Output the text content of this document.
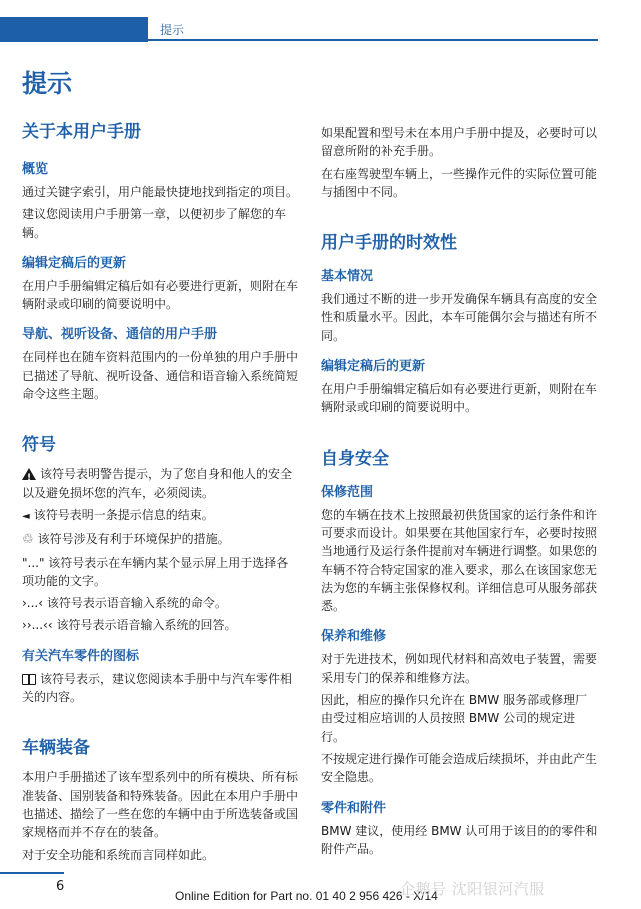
提示
提示
关于本用户手册
概览

通过关键字索引，用户能最快捷地找到指定的项目。

建议您阅读用户手册第一章，以便初步了解您的车辆。

编辑定稿后的更新

在用户手册编辑定稿后如有必要进行更新，则附在车辆附录或印刷的简要说明中。

导航、视听设备、通信的用户手册

在同样也在随车资料范围内的一份单独的用户手册中已描述了导航、视听设备、通信和语音输入系统简短命令这些主题。

符号

!该符号表明警告提示，为了您自身和他人的安全以及避免损坏您的汽车，必须阅读。

◄ 该符号表明一条提示信息的结束。

♲ 该符号涉及有利于环境保护的措施。

"..." 该符号表示在车辆内某个显示屏上用于选择各项功能的文字。

›...‹ 该符号表示语音输入系统的命令。

››...‹‹ 该符号表示语音输入系统的回答。

有关汽车零件的图标

该符号表示，建议您阅读本手册中与汽车零件相关的内容。

车辆装备

本用户手册描述了该车型系列中的所有模块、所有标准装备、国别装备和特殊装备。因此在本用户手册中也描述、描绘了一些在您的车辆中由于所选装备或国家规格而并不存在的装备。

对于安全功能和系统而言同样如此。

如果配置和型号未在本用户手册中提及，必要时可以留意所附的补充手册。

在右座驾驶型车辆上，一些操作元件的实际位置可能与插图中不同。

用户手册的时效性
基本情况

我们通过不断的进一步开发确保车辆具有高度的安全性和质量水平。因此，本车可能偶尔会与描述有所不同。

编辑定稿后的更新

在用户手册编辑定稿后如有必要进行更新，则附在车辆附录或印刷的简要说明中。

自身安全
保修范围

您的车辆在技术上按照最初供货国家的运行条件和许可要求而设计。如果要在其他国家行车，必要时按照当地通行及运行条件提前对车辆进行调整。如果您的车辆不符合特定国家的准入要求，那么在该国家您无法为您的车辆主张保修权利。详细信息可从服务部获悉。

保养和维修

对于先进技术，例如现代材料和高效电子装置，需要采用专门的保养和维修方法。

因此，相应的操作只允许在 BMW 服务部或修理厂由受过相应培训的人员按照 BMW 公司的规定进行。

不按规定进行操作可能会造成后续损坏，并由此产生安全隐患。

零件和附件

BMW 建议，使用经 BMW 认可用于该目的的零件和附件产品。

6
Online Edition for Part no. 01 40 2 956 426 - X/14
企鹅号 沈阳银河汽服
